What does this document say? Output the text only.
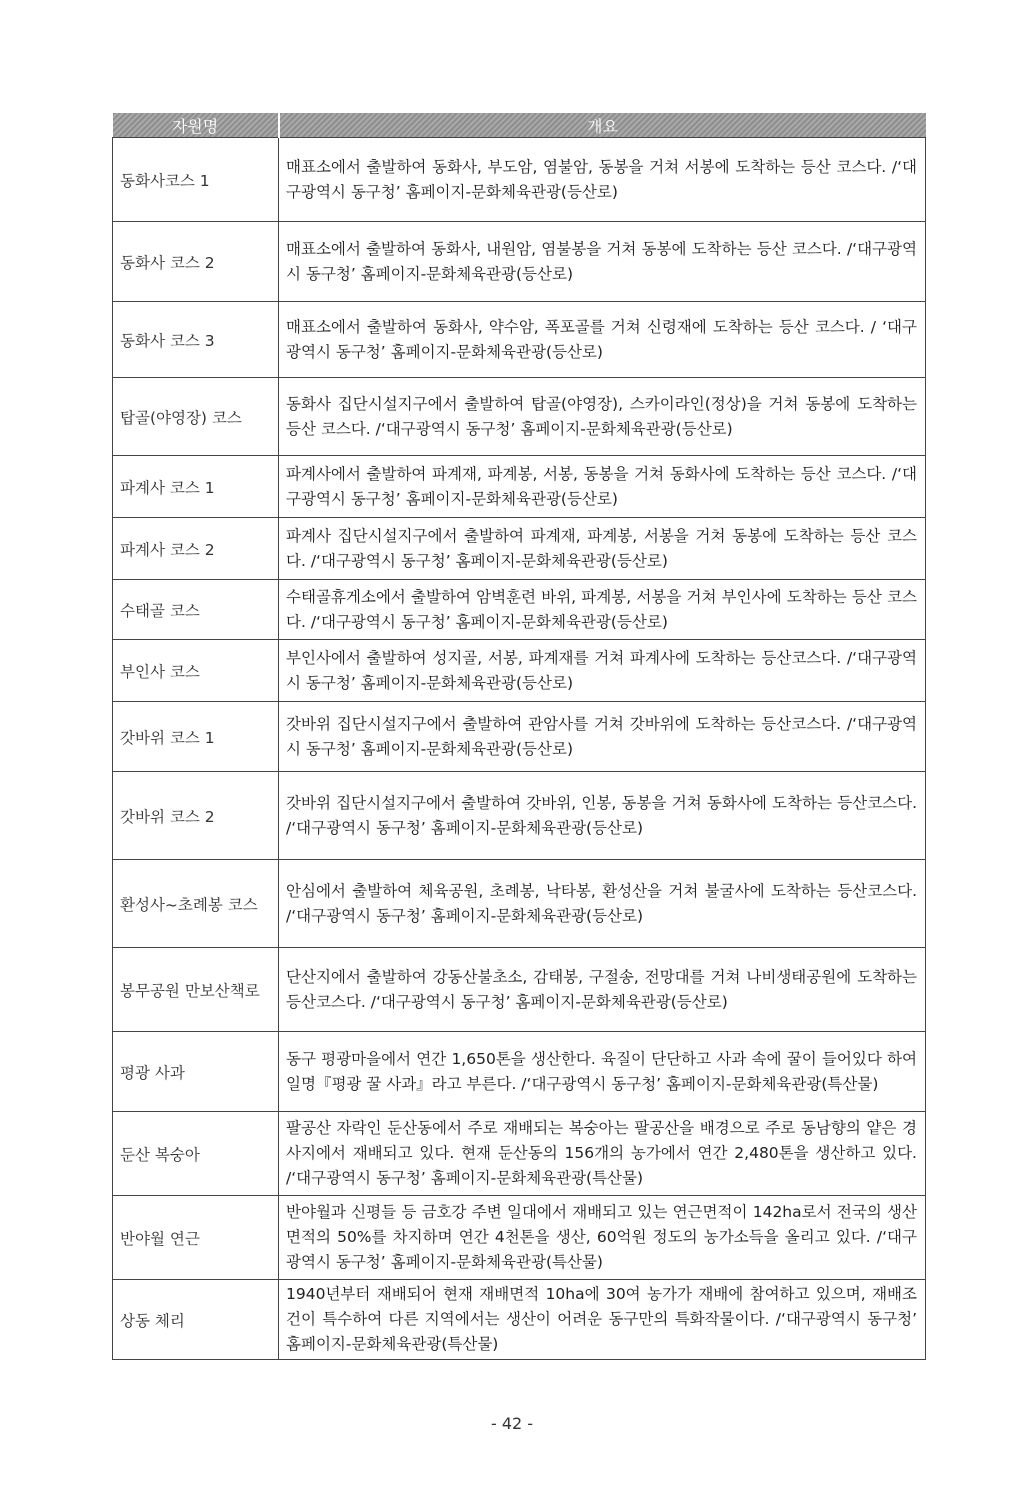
자원명	개요
동화사코스 1	매표소에서 출발하여 동화사, 부도암, 염불암, 동봉을 거쳐 서봉에 도착하는 등산 코스다. /‘대구광역시 동구청’ 홈페이지-문화체육관광(등산로)
동화사 코스 2	매표소에서 출발하여 동화사, 내원암, 염불봉을 거쳐 동봉에 도착하는 등산 코스다. /‘대구광역시 동구청’ 홈페이지-문화체육관광(등산로)
동화사 코스 3	매표소에서 출발하여 동화사, 약수암, 폭포골를 거쳐 신령재에 도착하는 등산 코스다. / ‘대구광역시 동구청’ 홈페이지-문화체육관광(등산로)
탑골(야영장) 코스	동화사 집단시설지구에서 출발하여 탑골(야영장), 스카이라인(정상)을 거쳐 동봉에 도착하는 등산 코스다. /‘대구광역시 동구청’ 홈페이지-문화체육관광(등산로)
파계사 코스 1	파계사에서 출발하여 파계재, 파계봉, 서봉, 동봉을 거쳐 동화사에 도착하는 등산 코스다. /‘대구광역시 동구청’ 홈페이지-문화체육관광(등산로)
파계사 코스 2	파계사 집단시설지구에서 출발하여 파계재, 파계봉, 서봉을 거쳐 동봉에 도착하는 등산 코스다. /‘대구광역시 동구청’ 홈페이지-문화체육관광(등산로)
수태골 코스	수태골휴게소에서 출발하여 암벽훈련 바위, 파계봉, 서봉을 거쳐 부인사에 도착하는 등산 코스다. /‘대구광역시 동구청’ 홈페이지-문화체육관광(등산로)
부인사 코스	부인사에서 출발하여 성지골, 서봉, 파계재를 거쳐 파계사에 도착하는 등산코스다. /‘대구광역시 동구청’ 홈페이지-문화체육관광(등산로)
갓바위 코스 1	갓바위 집단시설지구에서 출발하여 관암사를 거쳐 갓바위에 도착하는 등산코스다. /‘대구광역시 동구청’ 홈페이지-문화체육관광(등산로)
갓바위 코스 2	갓바위 집단시설지구에서 출발하여 갓바위, 인봉, 동봉을 거쳐 동화사에 도착하는 등산코스다. /‘대구광역시 동구청’ 홈페이지-문화체육관광(등산로)
환성사~초례봉 코스	안심에서 출발하여 체육공원, 초례봉, 낙타봉, 환성산을 거쳐 불굴사에 도착하는 등산코스다. /‘대구광역시 동구청’ 홈페이지-문화체육관광(등산로)
봉무공원 만보산책로	단산지에서 출발하여 강동산불초소, 감태봉, 구절송, 전망대를 거쳐 나비생태공원에 도착하는 등산코스다. /‘대구광역시 동구청’ 홈페이지-문화체육관광(등산로)
평광 사과	동구 평광마을에서 연간 1,650톤을 생산한다. 육질이 단단하고 사과 속에 꿀이 들어있다 하여 일명『평광 꿀 사과』라고 부른다. /‘대구광역시 동구청’ 홈페이지-문화체육관광(특산물)
둔산 복숭아	팔공산 자락인 둔산동에서 주로 재배되는 복숭아는 팔공산을 배경으로 주로 동남향의 얕은 경사지에서 재배되고 있다. 현재 둔산동의 156개의 농가에서 연간 2,480톤을 생산하고 있다. /‘대구광역시 동구청’ 홈페이지-문화체육관광(특산물)
반야월 연근	반야월과 신평들 등 금호강 주변 일대에서 재배되고 있는 연근면적이 142ha로서 전국의 생산면적의 50%를 차지하며 연간 4천톤을 생산, 60억원 정도의 농가소득을 올리고 있다. /‘대구광역시 동구청’ 홈페이지-문화체육관광(특산물)
상동 체리	1940년부터 재배되어 현재 재배면적 10ha에 30여 농가가 재배에 참여하고 있으며, 재배조건이 특수하여 다른 지역에서는 생산이 어려운 동구만의 특화작물이다. /‘대구광역시 동구청’ 홈페이지-문화체육관광(특산물)
- 42 -
